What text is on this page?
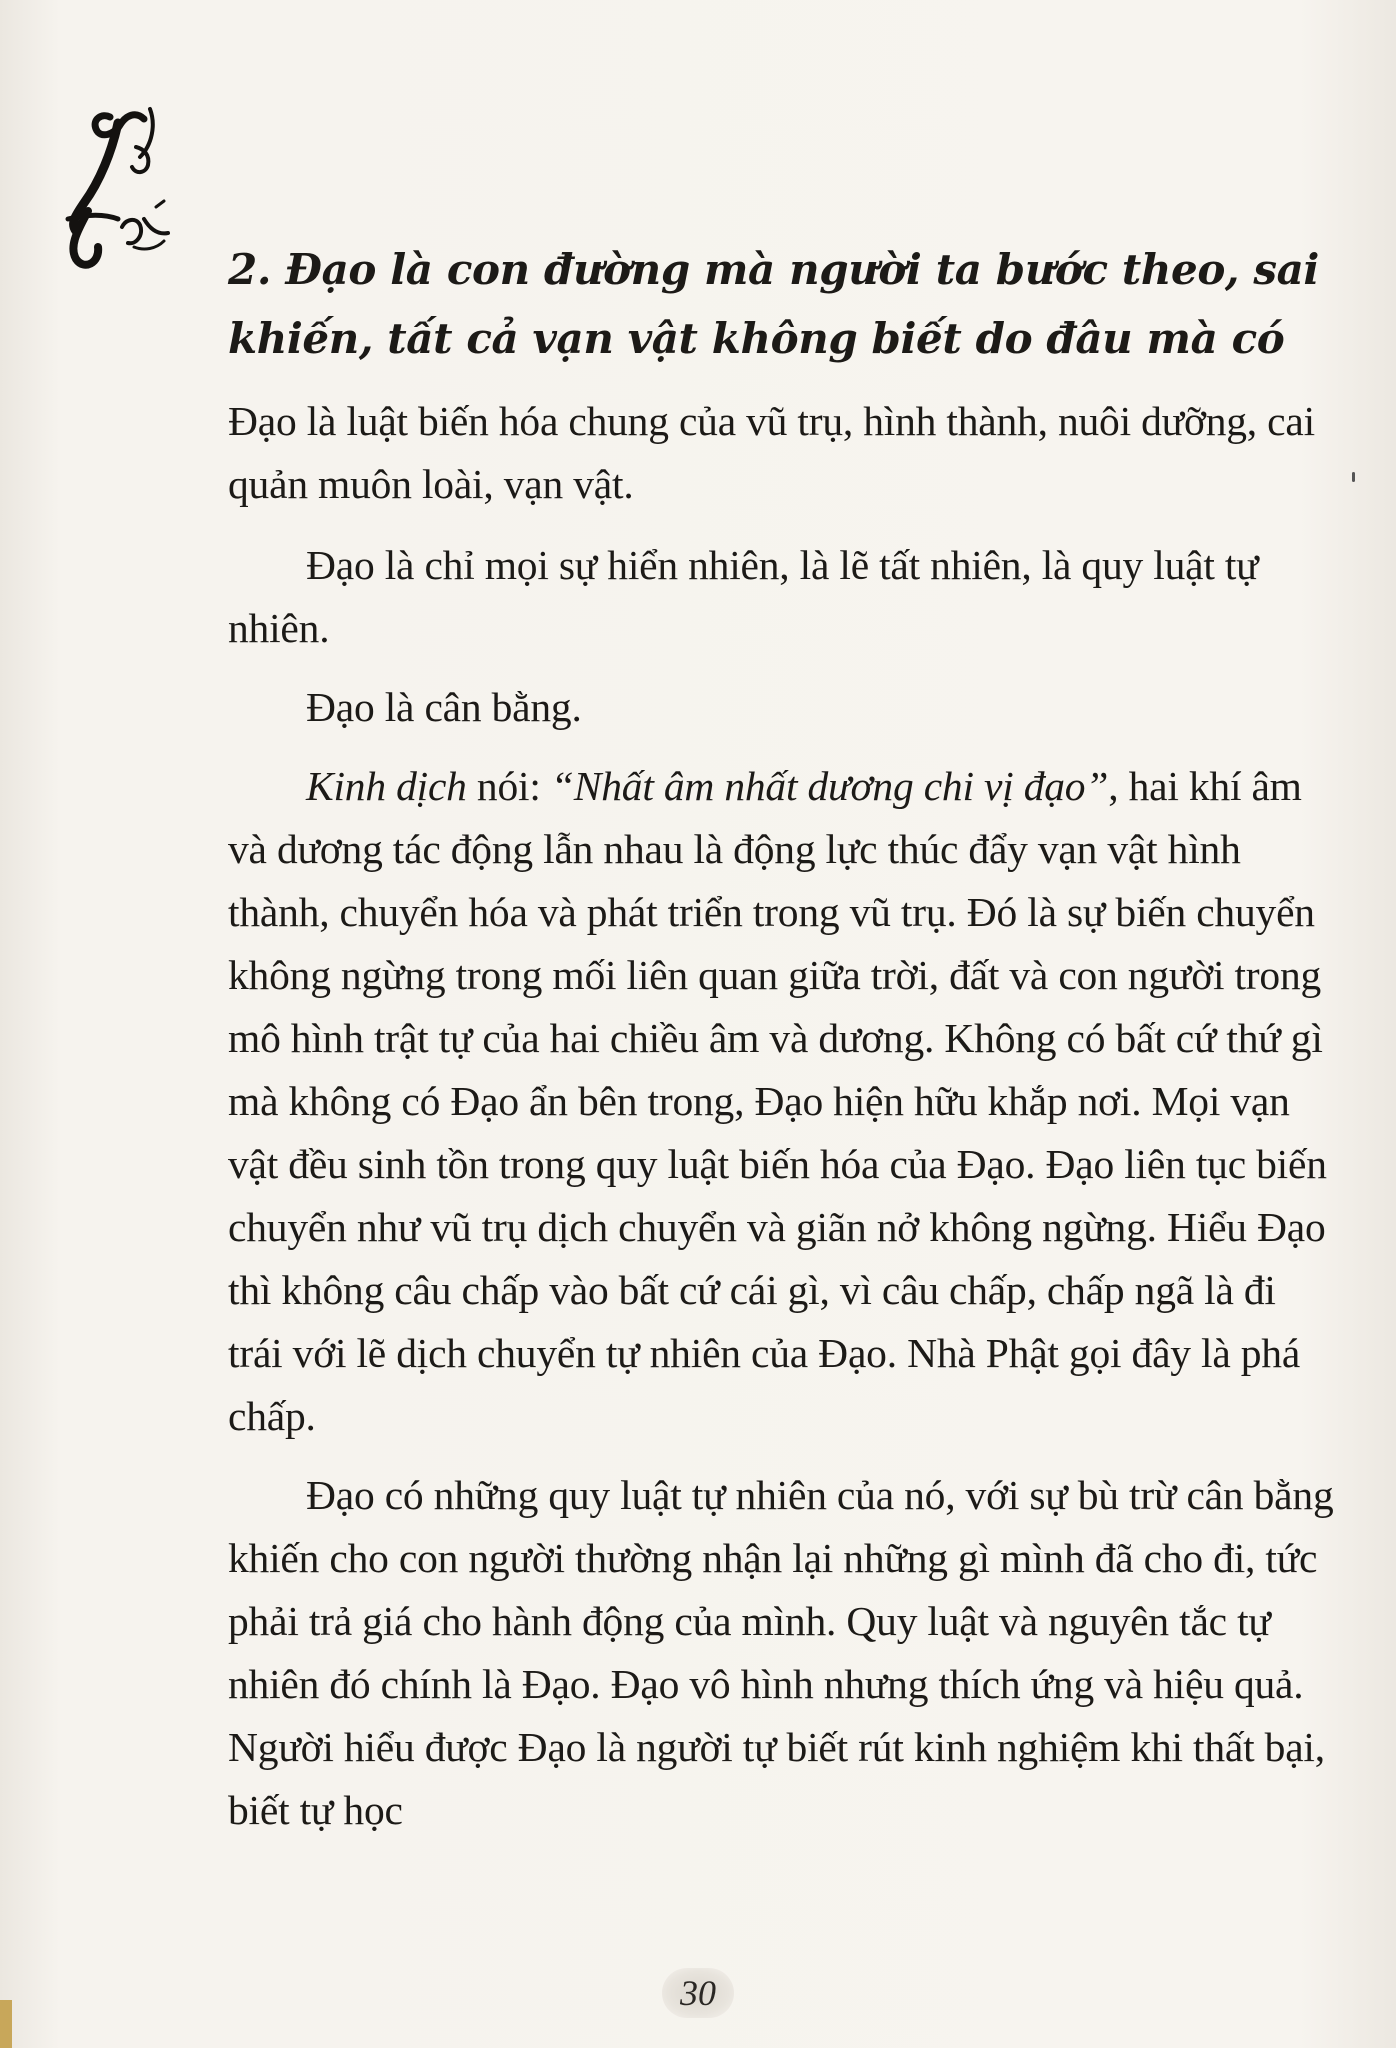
2. Đạo là con đường mà người ta bước theo, sai
khiến, tất cả vạn vật không biết do đâu mà có

Đạo là luật biến hóa chung của vũ trụ, hình thành, nuôi dưỡng, cai quản muôn loài, vạn vật.

Đạo là chỉ mọi sự hiển nhiên, là lẽ tất nhiên, là quy luật tự nhiên.

Đạo là cân bằng.

Kinh dịch nói: “Nhất âm nhất dương chi vị đạo”, hai khí âm và dương tác động lẫn nhau là động lực thúc đẩy vạn vật hình thành, chuyển hóa và phát triển trong vũ trụ. Đó là sự biến chuyển không ngừng trong mối liên quan giữa trời, đất và con người trong mô hình trật tự của hai chiều âm và dương. Không có bất cứ thứ gì mà không có Đạo ẩn bên trong, Đạo hiện hữu khắp nơi. Mọi vạn vật đều sinh tồn trong quy luật biến hóa của Đạo. Đạo liên tục biến chuyển như vũ trụ dịch chuyển và giãn nở không ngừng. Hiểu Đạo thì không câu chấp vào bất cứ cái gì, vì câu chấp, chấp ngã là đi trái với lẽ dịch chuyển tự nhiên của Đạo. Nhà Phật gọi đây là phá chấp.

Đạo có những quy luật tự nhiên của nó, với sự bù trừ cân bằng khiến cho con người thường nhận lại những gì mình đã cho đi, tức phải trả giá cho hành động của mình. Quy luật và nguyên tắc tự nhiên đó chính là Đạo. Đạo vô hình nhưng thích ứng và hiệu quả. Người hiểu được Đạo là người tự biết rút kinh nghiệm khi thất bại, biết tự học

30
